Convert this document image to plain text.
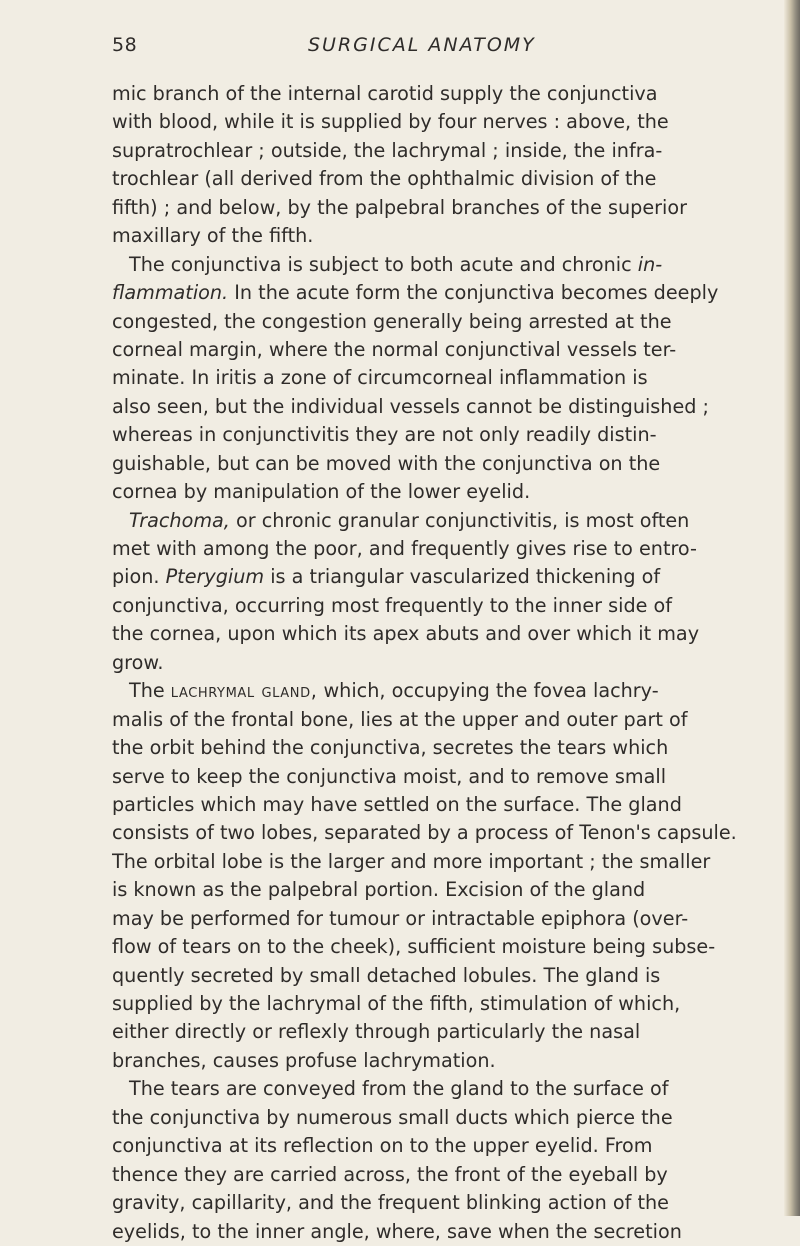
58	SURGICAL ANATOMY
mic branch of the internal carotid supply the conjunctiva
with blood, while it is supplied by four nerves : above, the
supratrochlear ; outside, the lachrymal ; inside, the infra-
trochlear (all derived from the ophthalmic division of the
fifth) ; and below, by the palpebral branches of the superior
maxillary of the fifth.
The conjunctiva is subject to both acute and chronic in-
flammation. In the acute form the conjunctiva becomes deeply
congested, the congestion generally being arrested at the
corneal margin, where the normal conjunctival vessels ter-
minate. In iritis a zone of circumcorneal inflammation is
also seen, but the individual vessels cannot be distinguished ;
whereas in conjunctivitis they are not only readily distin-
guishable, but can be moved with the conjunctiva on the
cornea by manipulation of the lower eyelid.
Trachoma, or chronic granular conjunctivitis, is most often
met with among the poor, and frequently gives rise to entro-
pion. Pterygium is a triangular vascularized thickening of
conjunctiva, occurring most frequently to the inner side of
the cornea, upon which its apex abuts and over which it may
grow.
The lachrymal gland, which, occupying the fovea lachry-
malis of the frontal bone, lies at the upper and outer part of
the orbit behind the conjunctiva, secretes the tears which
serve to keep the conjunctiva moist, and to remove small
particles which may have settled on the surface. The gland
consists of two lobes, separated by a process of Tenon's capsule.
The orbital lobe is the larger and more important ; the smaller
is known as the palpebral portion. Excision of the gland
may be performed for tumour or intractable epiphora (over-
flow of tears on to the cheek), sufficient moisture being subse-
quently secreted by small detached lobules. The gland is
supplied by the lachrymal of the fifth, stimulation of which,
either directly or reflexly through particularly the nasal
branches, causes profuse lachrymation.
The tears are conveyed from the gland to the surface of
the conjunctiva by numerous small ducts which pierce the
conjunctiva at its reflection on to the upper eyelid. From
thence they are carried across, the front of the eyeball by
gravity, capillarity, and the frequent blinking action of the
eyelids, to the inner angle, where, save when the secretion
